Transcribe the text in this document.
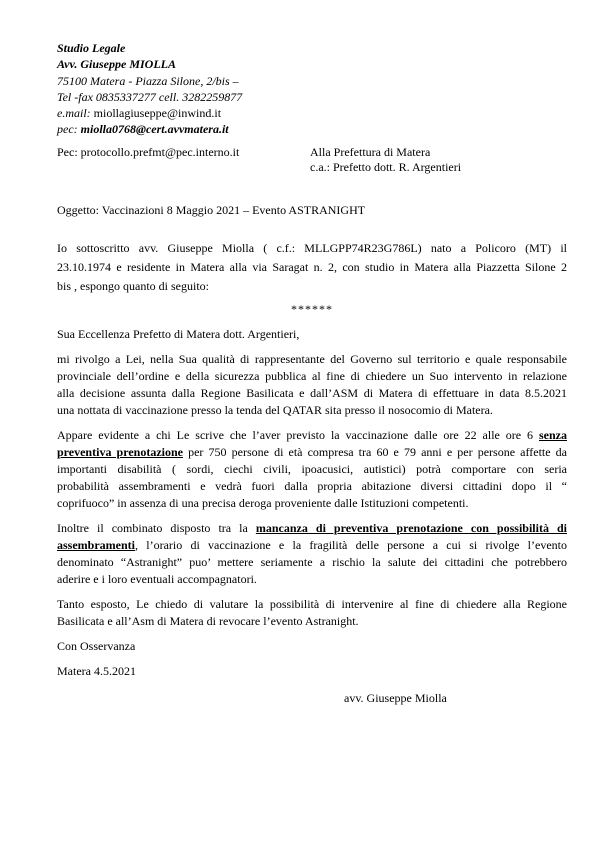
Studio Legale
Avv. Giuseppe MIOLLA
75100 Matera - Piazza Silone, 2/bis –
Tel -fax 0835337277 cell. 3282259877
e.mail: miollagiuseppe@inwind.it
pec: miolla0768@cert.avvmatera.it
Pec: protocollo.prefmt@pec.interno.it	Alla Prefettura di Matera
c.a.: Prefetto dott. R. Argentieri
Oggetto: Vaccinazioni 8 Maggio 2021 – Evento ASTRANIGHT
Io sottoscritto avv. Giuseppe Miolla ( c.f.: MLLGPP74R23G786L) nato a Policoro (MT) il
23.10.1974 e residente in Matera alla via Saragat n. 2, con studio in Matera alla Piazzetta Silone 2
bis , espongo quanto di seguito:
******
Sua Eccellenza Prefetto di Matera dott. Argentieri,
mi rivolgo a Lei, nella Sua qualità di rappresentante del Governo sul territorio e quale responsabile
provinciale dell’ordine e della sicurezza pubblica al fine di chiedere un Suo intervento in relazione
alla decisione assunta dalla Regione Basilicata e dall’ASM di Matera di effettuare in data 8.5.2021
una nottata di vaccinazione presso la tenda del QATAR sita presso il nosocomio di Matera.
Appare evidente a chi Le scrive che l’aver previsto la vaccinazione dalle ore 22 alle ore 6 senza
preventiva prenotazione per 750 persone di età compresa tra 60 e 79 anni e per persone affette da
importanti disabilità ( sordi, ciechi civili, ipoacusici, autistici) potrà comportare con seria
probabilità assembramenti e vedrà fuori dalla propria abitazione diversi cittadini dopo il “
coprifuoco” in assenza di una precisa deroga proveniente dalle Istituzioni competenti.
Inoltre il combinato disposto tra la mancanza di preventiva prenotazione con possibilità di
assembramenti, l’orario di vaccinazione e la fragilità delle persone a cui si rivolge l’evento
denominato “Astranight” puo’ mettere seriamente a rischio la salute dei cittadini che potrebbero
aderire e i loro eventuali accompagnatori.
Tanto esposto, Le chiedo di valutare la possibilità di intervenire al fine di chiedere alla Regione
Basilicata e all’Asm di Matera di revocare l’evento Astranight.
Con Osservanza
Matera 4.5.2021
avv. Giuseppe Miolla
